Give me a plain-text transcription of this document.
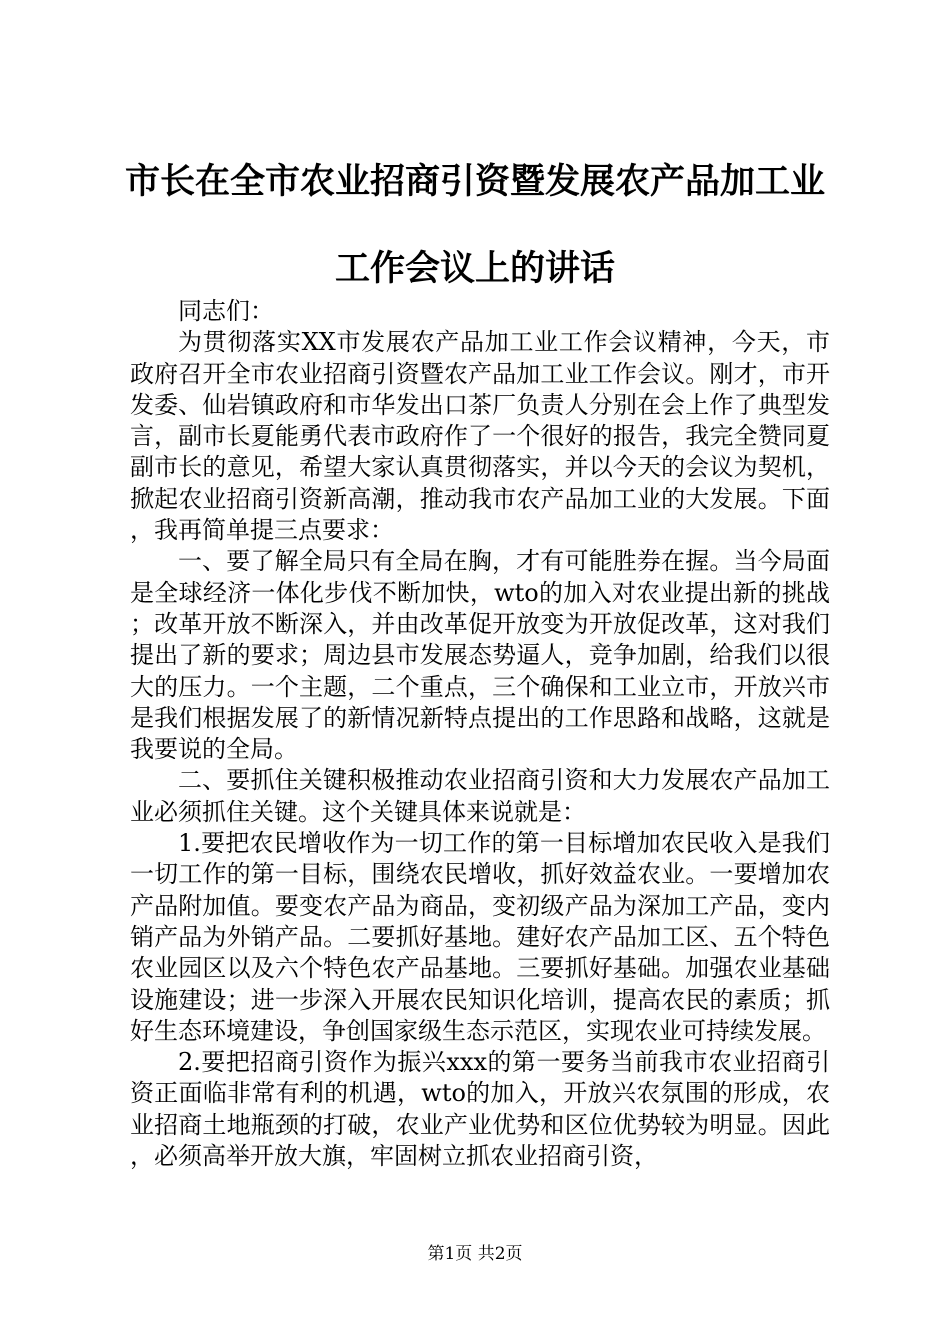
市长在全市农业招商引资暨发展农产品加工业
工作会议上的讲话

同志们：

为贯彻落实XX市发展农产品加工业工作会议精神，今天，市政府召开全市农业招商引资暨农产品加工业工作会议。刚才，市开发委、仙岩镇政府和市华发出口茶厂负责人分别在会上作了典型发言，副市长夏能勇代表市政府作了一个很好的报告，我完全赞同夏副市长的意见，希望大家认真贯彻落实，并以今天的会议为契机，掀起农业招商引资新高潮，推动我市农产品加工业的大发展。下面，我再简单提三点要求：

一、要了解全局只有全局在胸，才有可能胜券在握。当今局面是全球经济一体化步伐不断加快，wto的加入对农业提出新的挑战；改革开放不断深入，并由改革促开放变为开放促改革，这对我们提出了新的要求；周边县市发展态势逼人，竞争加剧，给我们以很大的压力。一个主题，二个重点，三个确保和工业立市，开放兴市是我们根据发展了的新情况新特点提出的工作思路和战略，这就是我要说的全局。

二、要抓住关键积极推动农业招商引资和大力发展农产品加工业必须抓住关键。这个关键具体来说就是：

1.要把农民增收作为一切工作的第一目标增加农民收入是我们一切工作的第一目标，围绕农民增收，抓好效益农业。一要增加农产品附加值。要变农产品为商品，变初级产品为深加工产品，变内销产品为外销产品。二要抓好基地。建好农产品加工区、五个特色农业园区以及六个特色农产品基地。三要抓好基础。加强农业基础设施建设；进一步深入开展农民知识化培训，提高农民的素质；抓好生态环境建设，争创国家级生态示范区，实现农业可持续发展。

2.要把招商引资作为振兴xxx的第一要务当前我市农业招商引资正面临非常有利的机遇，wto的加入，开放兴农氛围的形成，农业招商土地瓶颈的打破，农业产业优势和区位优势较为明显。因此，必须高举开放大旗，牢固树立抓农业招商引资，

第1页 共2页
